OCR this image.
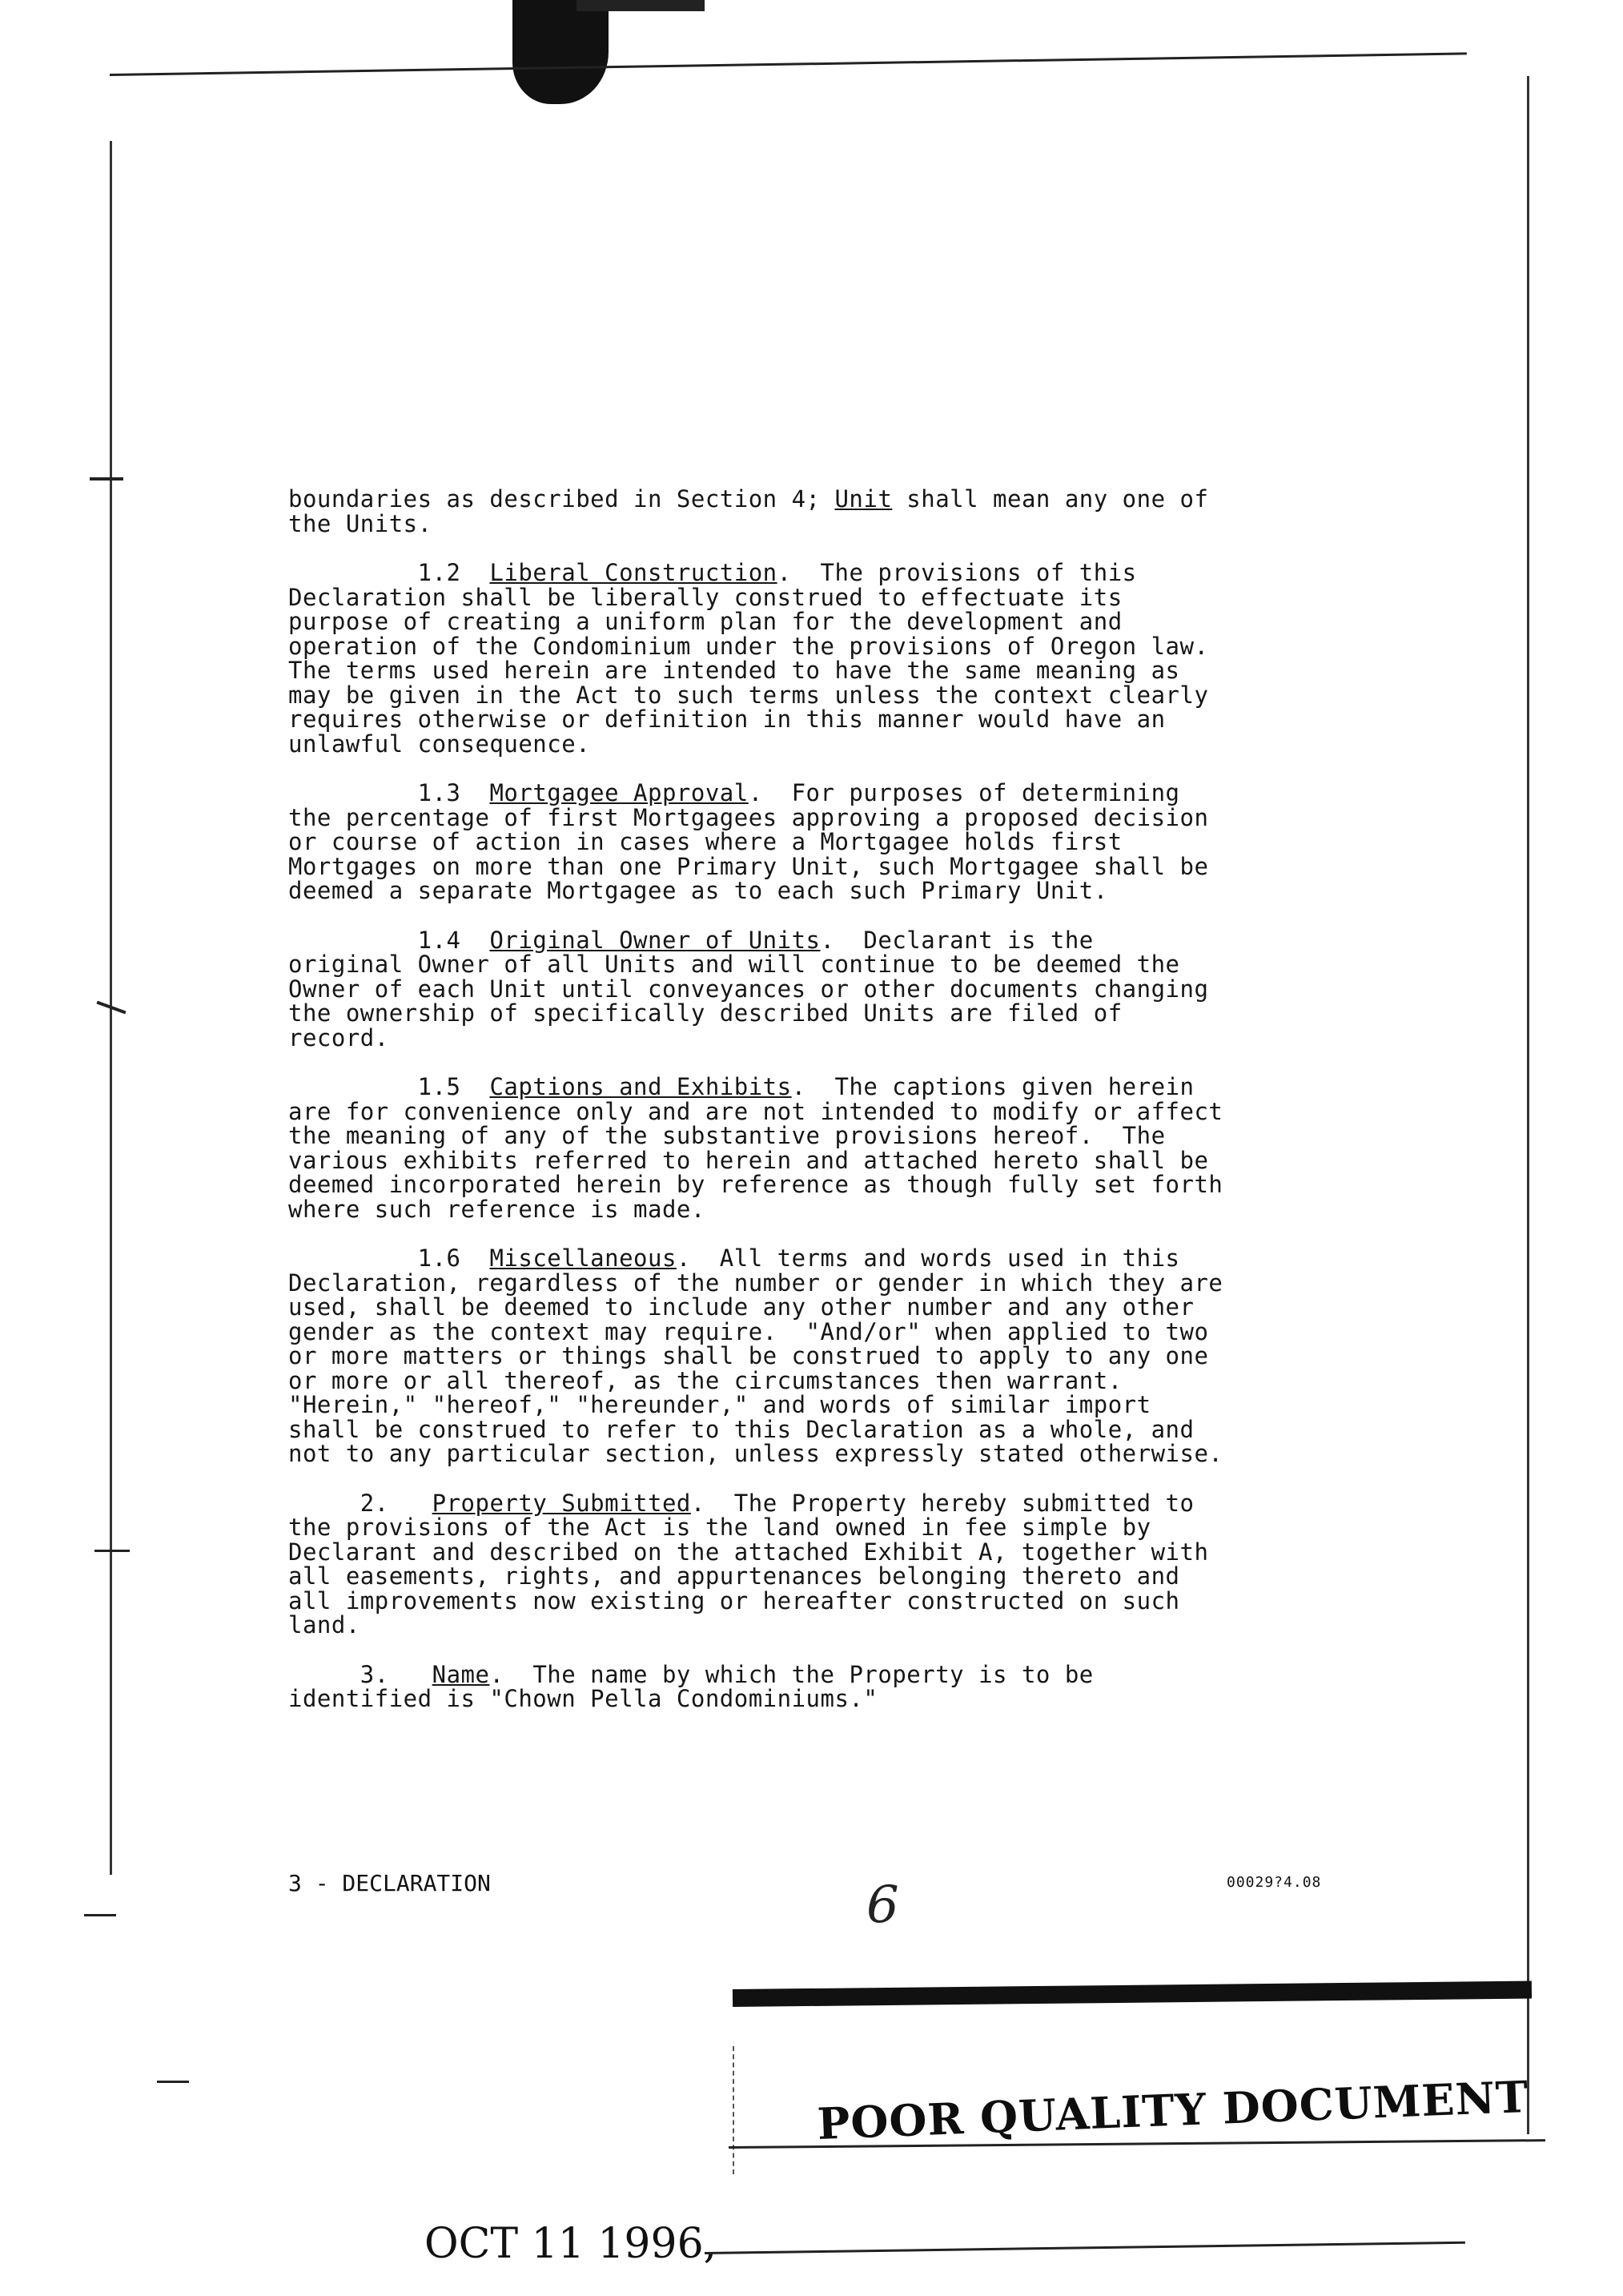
boundaries as described in Section 4; Unit shall mean any one of
the Units.
1.2  Liberal Construction.  The provisions of this
Declaration shall be liberally construed to effectuate its
purpose of creating a uniform plan for the development and
operation of the Condominium under the provisions of Oregon law.
The terms used herein are intended to have the same meaning as
may be given in the Act to such terms unless the context clearly
requires otherwise or definition in this manner would have an
unlawful consequence.
1.3  Mortgagee Approval.  For purposes of determining
the percentage of first Mortgagees approving a proposed decision
or course of action in cases where a Mortgagee holds first
Mortgages on more than one Primary Unit, such Mortgagee shall be
deemed a separate Mortgagee as to each such Primary Unit.
1.4  Original Owner of Units.  Declarant is the
original Owner of all Units and will continue to be deemed the
Owner of each Unit until conveyances or other documents changing
the ownership of specifically described Units are filed of
record.
1.5  Captions and Exhibits.  The captions given herein
are for convenience only and are not intended to modify or affect
the meaning of any of the substantive provisions hereof.  The
various exhibits referred to herein and attached hereto shall be
deemed incorporated herein by reference as though fully set forth
where such reference is made.
1.6  Miscellaneous.  All terms and words used in this
Declaration, regardless of the number or gender in which they are
used, shall be deemed to include any other number and any other
gender as the context may require.  "And/or" when applied to two
or more matters or things shall be construed to apply to any one
or more or all thereof, as the circumstances then warrant.
"Herein," "hereof," "hereunder," and words of similar import
shall be construed to refer to this Declaration as a whole, and
not to any particular section, unless expressly stated otherwise.
2.   Property Submitted.  The Property hereby submitted to
the provisions of the Act is the land owned in fee simple by
Declarant and described on the attached Exhibit A, together with
all easements, rights, and appurtenances belonging thereto and
all improvements now existing or hereafter constructed on such
land.
3.   Name.  The name by which the Property is to be
identified is "Chown Pella Condominiums."
3 - DECLARATION	6	00029?4.08
POOR QUALITY DOCUMENT
OCT 11 1996,
